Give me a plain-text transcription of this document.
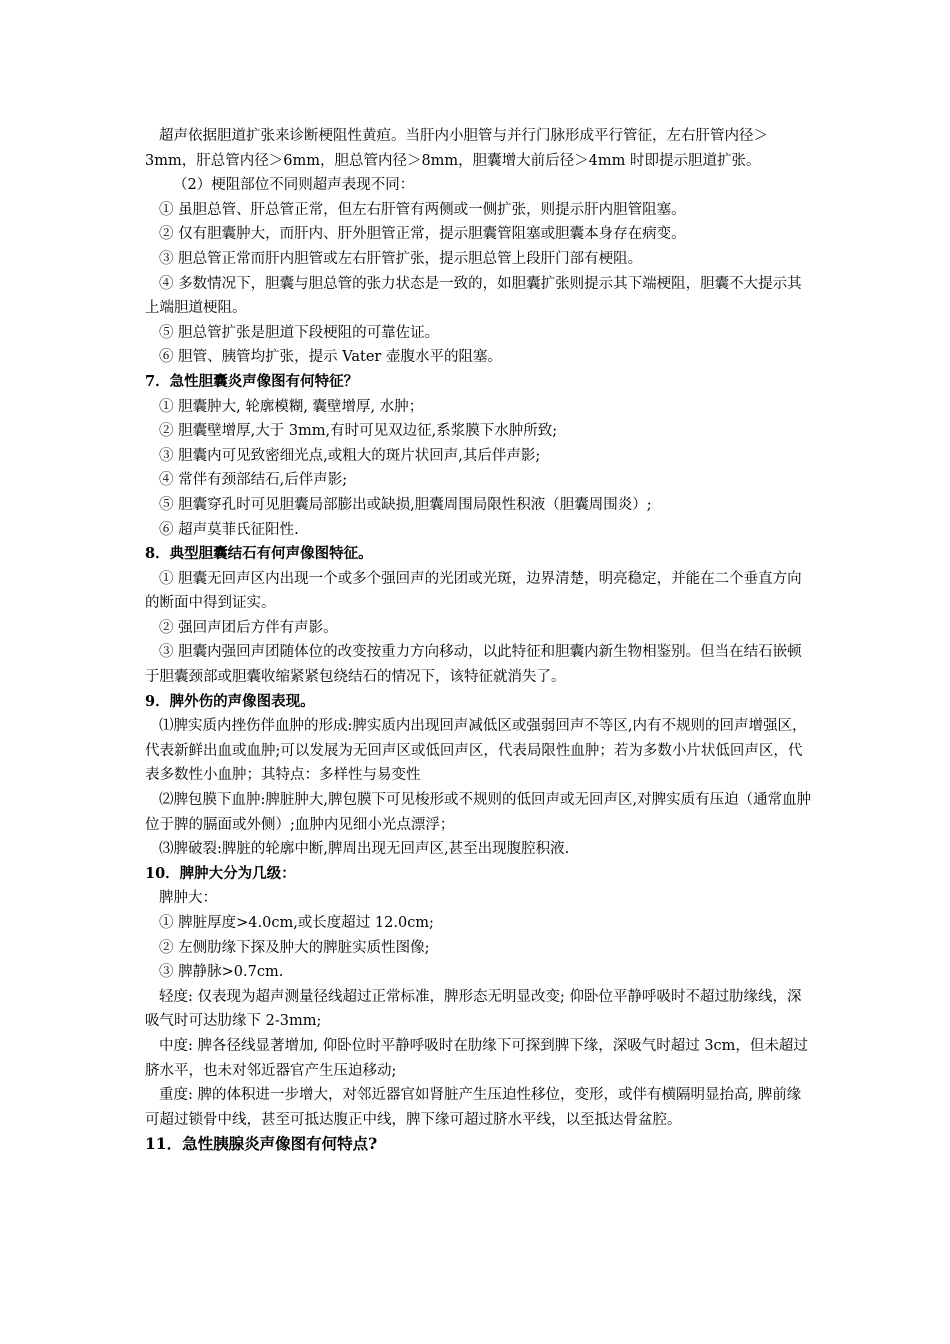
超声依据胆道扩张来诊断梗阻性黄疸。当肝内小胆管与并行门脉形成平行管征，左右肝管内径＞3mm，肝总管内径＞6mm，胆总管内径＞8mm，胆囊增大前后径＞4mm 时即提示胆道扩张。

（2）梗阻部位不同则超声表现不同：

① 虽胆总管、肝总管正常，但左右肝管有两侧或一侧扩张，则提示肝内胆管阻塞。

② 仅有胆囊肿大，而肝内、肝外胆管正常，提示胆囊管阻塞或胆囊本身存在病变。

③ 胆总管正常而肝内胆管或左右肝管扩张，提示胆总管上段肝门部有梗阻。

④ 多数情况下，胆囊与胆总管的张力状态是一致的，如胆囊扩张则提示其下端梗阻，胆囊不大提示其上端胆道梗阻。

⑤ 胆总管扩张是胆道下段梗阻的可靠佐证。

⑥ 胆管、胰管均扩张，提示 Vater 壶腹水平的阻塞。

7．急性胆囊炎声像图有何特征？

① 胆囊肿大, 轮廓模糊, 囊壁增厚, 水肿；

② 胆囊壁增厚,大于 3mm,有时可见双边征,系浆膜下水肿所致;

③ 胆囊内可见致密细光点,或粗大的斑片状回声,其后伴声影;

④ 常伴有颈部结石,后伴声影;

⑤ 胆囊穿孔时可见胆囊局部膨出或缺损,胆囊周围局限性积液（胆囊周围炎）;

⑥ 超声莫菲氏征阳性.

8．典型胆囊结石有何声像图特征。

① 胆囊无回声区内出现一个或多个强回声的光团或光斑，边界清楚，明亮稳定，并能在二个垂直方向的断面中得到证实。

② 强回声团后方伴有声影。

③ 胆囊内强回声团随体位的改变按重力方向移动，以此特征和胆囊内新生物相鉴别。但当在结石嵌顿于胆囊颈部或胆囊收缩紧紧包绕结石的情况下，该特征就消失了。

9．脾外伤的声像图表现。

⑴脾实质内挫伤伴血肿的形成:脾实质内出现回声减低区或强弱回声不等区,内有不规则的回声增强区，代表新鲜出血或血肿;可以发展为无回声区或低回声区，代表局限性血肿；若为多数小片状低回声区，代表多数性小血肿；其特点：多样性与易变性

⑵脾包膜下血肿:脾脏肿大,脾包膜下可见梭形或不规则的低回声或无回声区,对脾实质有压迫（通常血肿位于脾的膈面或外侧）;血肿内见细小光点漂浮；

⑶脾破裂:脾脏的轮廓中断,脾周出现无回声区,甚至出现腹腔积液.

10．脾肿大分为几级：

脾肿大：

① 脾脏厚度>4.0cm,或长度超过 12.0cm;

② 左侧肋缘下探及肿大的脾脏实质性图像;

③ 脾静脉>0.7cm.

轻度: 仅表现为超声测量径线超过正常标准，脾形态无明显改变; 仰卧位平静呼吸时不超过肋缘线，深吸气时可达肋缘下 2-3mm;

中度: 脾各径线显著增加, 仰卧位时平静呼吸时在肋缘下可探到脾下缘，深吸气时超过 3cm，但未超过脐水平，也未对邻近器官产生压迫移动;

重度: 脾的体积进一步增大，对邻近器官如肾脏产生压迫性移位，变形，或伴有横隔明显抬高, 脾前缘可超过锁骨中线，甚至可抵达腹正中线，脾下缘可超过脐水平线，以至抵达骨盆腔。

11．急性胰腺炎声像图有何特点?
